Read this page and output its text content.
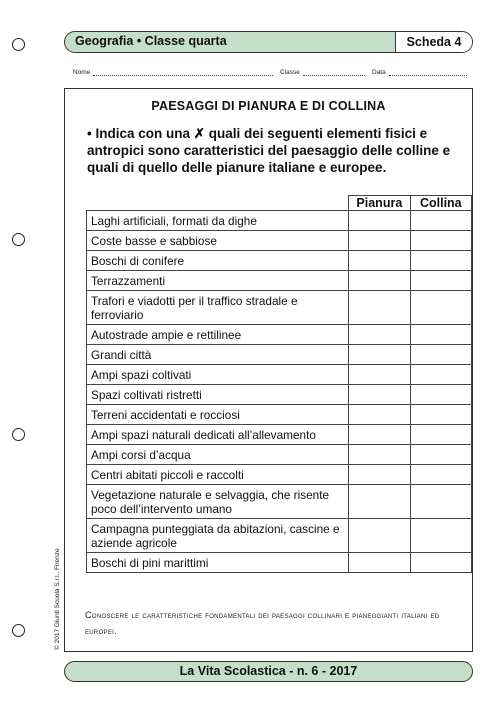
Geografia • Classe quarta	Scheda 4
Nome	Classe	Data
PAESAGGI DI PIANURA E DI COLLINA
• Indica con una ✗ quali dei seguenti elementi fisici e antropici sono caratteristici del paesaggio delle colline e quali di quello delle pianure italiane e europee.
	Pianura	Collina
Laghi artificiali, formati da dighe		
Coste basse e sabbiose		
Boschi di conifere		
Terrazzamenti		
Trafori e viadotti per il traffico stradale e ferroviario		
Autostrade ampie e rettilinee		
Grandi città		
Ampi spazi coltivati		
Spazi coltivati ristretti		
Terreni accidentati e rocciosi		
Ampi spazi naturali dedicati all’allevamento		
Ampi corsi d’acqua		
Centri abitati piccoli e raccolti		
Vegetazione naturale e selvaggia, che risente poco dell’intervento umano		
Campagna punteggiata da abitazioni, cascine e aziende agricole		
Boschi di pini marittimi		
Conoscere le caratteristiche fondamentali dei paesaggi collinari e pianeggianti italiani ed europei.
La Vita Scolastica - n. 6 - 2017
© 2017 Giunti Scuola S.r.l., Firenze
